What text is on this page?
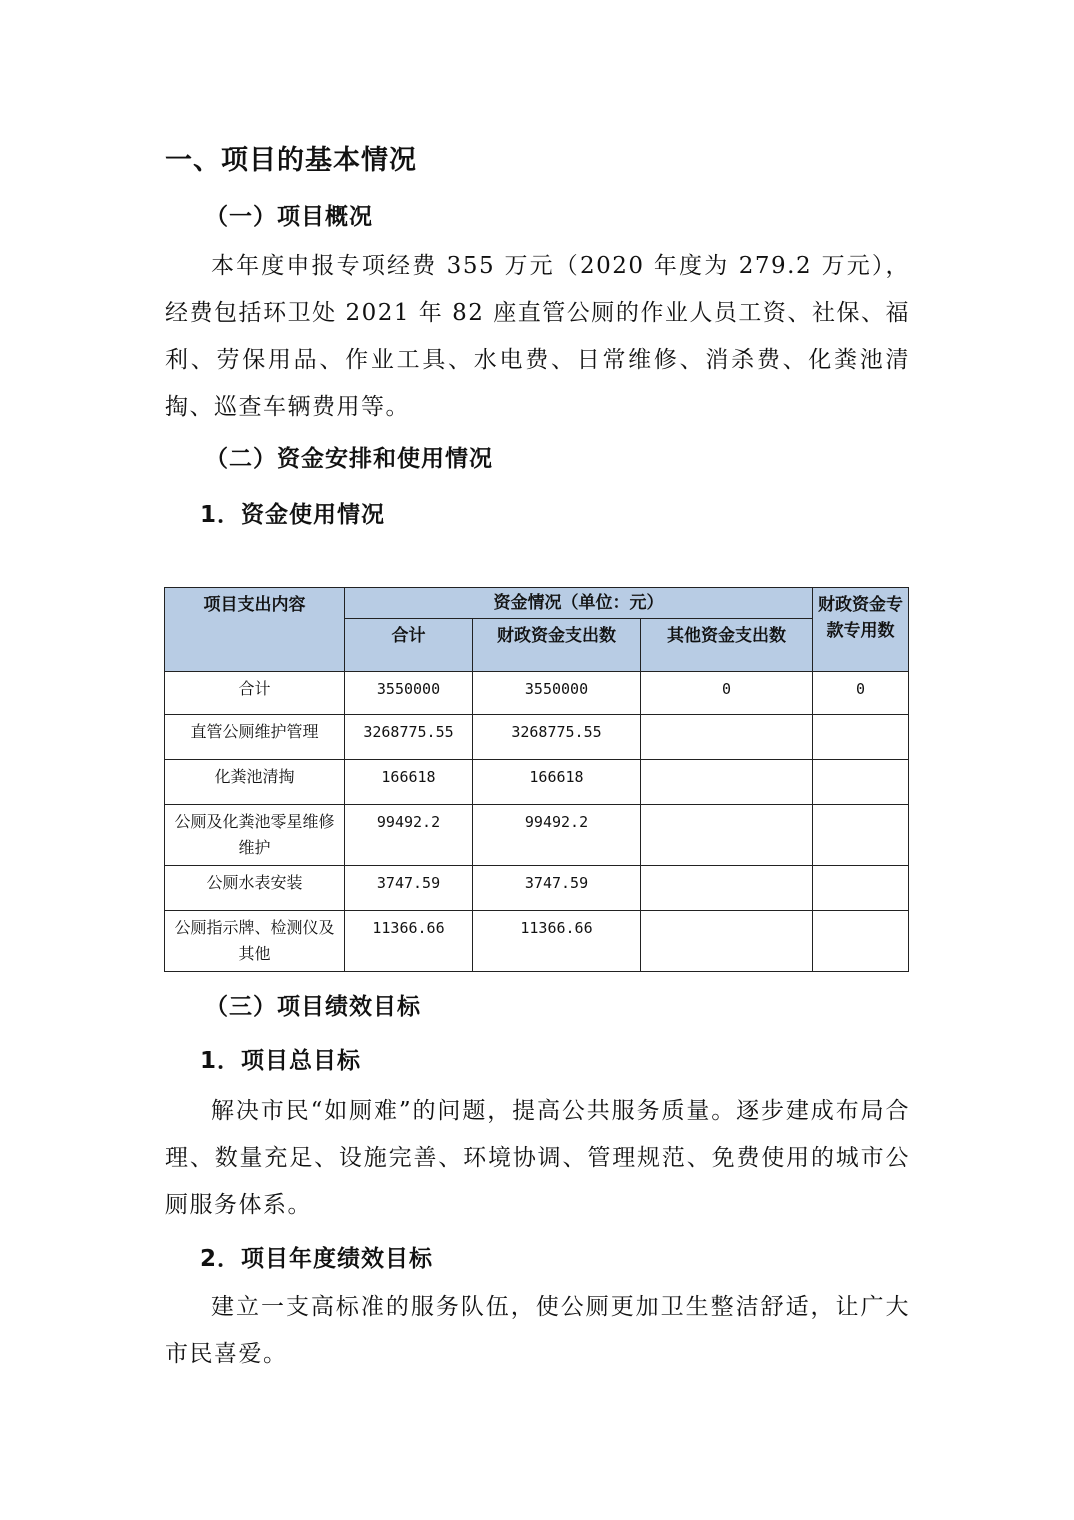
一、项目的基本情况
（一）项目概况
本年度申报专项经费 355 万元（2020 年度为 279.2 万元），经费包括环卫处 2021 年 82 座直管公厕的作业人员工资、社保、福利、劳保用品、作业工具、水电费、日常维修、消杀费、化粪池清掏、巡查车辆费用等。
（二）资金安排和使用情况
1．资金使用情况
项目支出内容	资金情况（单位：元）			财政资金专款专用数
	合计	财政资金支出数	其他资金支出数	
合计	3550000	3550000	0	0
直管公厕维护管理	3268775.55	3268775.55		
化粪池清掏	166618	166618		
公厕及化粪池零星维修维护	99492.2	99492.2		
公厕水表安装	3747.59	3747.59		
公厕指示牌、检测仪及其他	11366.66	11366.66		
（三）项目绩效目标
1．项目总目标
解决市民“如厕难”的问题，提高公共服务质量。逐步建成布局合理、数量充足、设施完善、环境协调、管理规范、免费使用的城市公厕服务体系。
2．项目年度绩效目标
建立一支高标准的服务队伍，使公厕更加卫生整洁舒适，让广大市民喜爱。
